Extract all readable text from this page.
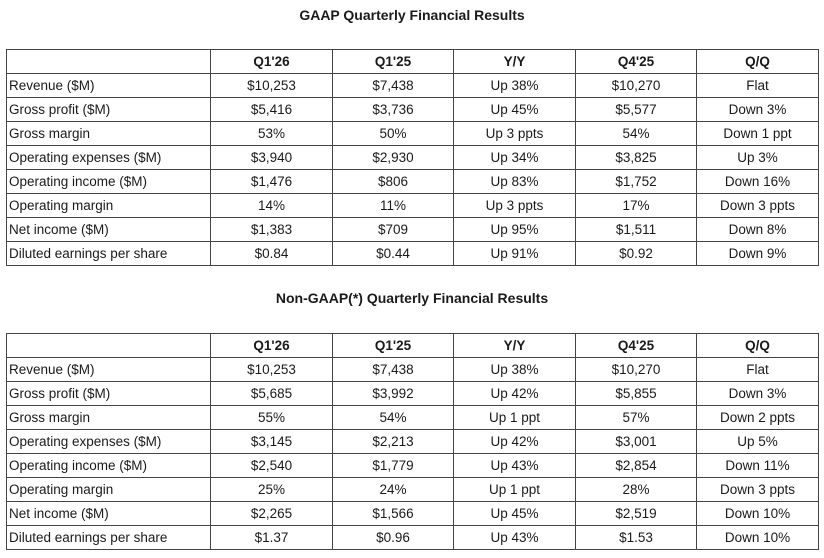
GAAP Quarterly Financial Results
	Q1'26	Q1'25	Y/Y	Q4'25	Q/Q
Revenue ($M)	$10,253	$7,438	Up 38%	$10,270	Flat
Gross profit ($M)	$5,416	$3,736	Up 45%	$5,577	Down 3%
Gross margin	53%	50%	Up 3 ppts	54%	Down 1 ppt
Operating expenses ($M)	$3,940	$2,930	Up 34%	$3,825	Up 3%
Operating income ($M)	$1,476	$806	Up 83%	$1,752	Down 16%
Operating margin	14%	11%	Up 3 ppts	17%	Down 3 ppts
Net income ($M)	$1,383	$709	Up 95%	$1,511	Down 8%
Diluted earnings per share	$0.84	$0.44	Up 91%	$0.92	Down 9%
Non-GAAP(*) Quarterly Financial Results
	Q1'26	Q1'25	Y/Y	Q4'25	Q/Q
Revenue ($M)	$10,253	$7,438	Up 38%	$10,270	Flat
Gross profit ($M)	$5,685	$3,992	Up 42%	$5,855	Down 3%
Gross margin	55%	54%	Up 1 ppt	57%	Down 2 ppts
Operating expenses ($M)	$3,145	$2,213	Up 42%	$3,001	Up 5%
Operating income ($M)	$2,540	$1,779	Up 43%	$2,854	Down 11%
Operating margin	25%	24%	Up 1 ppt	28%	Down 3 ppts
Net income ($M)	$2,265	$1,566	Up 45%	$2,519	Down 10%
Diluted earnings per share	$1.37	$0.96	Up 43%	$1.53	Down 10%
